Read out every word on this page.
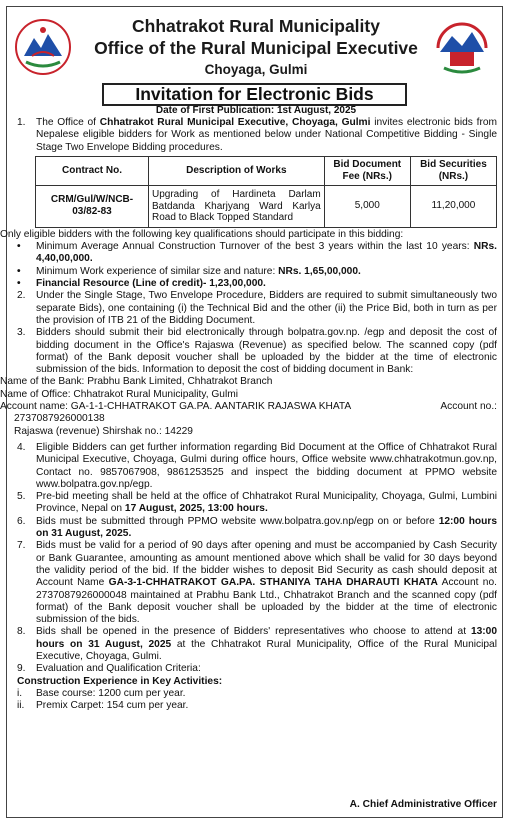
Chhatrakot Rural Municipality
Office of the Rural Municipal Executive
Choyaga, Gulmi
Invitation for Electronic Bids
Date of First Publication: 1st August, 2025
1.	The Office of Chhatrakot Rural Municipal Executive, Choyaga, Gulmi invites electronic bids from Nepalese eligible bidders for Work as mentioned below under National Competitive Bidding - Single Stage Two Envelope Bidding procedures.
Contract No.	Description of Works	Bid Document Fee (NRs.)	Bid Securities (NRs.)
CRM/Gul/W/NCB-03/82-83	Upgrading of Hardineta Darlam Batdanda Kharjyang Ward Karlya Road to Black Topped Standard	5,000	11,20,000
Only eligible bidders with the following key qualifications should participate in this bidding:
•	Minimum Average Annual Construction Turnover of the best 3 years within the last 10 years: NRs. 4,40,00,000.
•	Minimum Work experience of similar size and nature: NRs. 1,65,00,000.
•	Financial Resource (Line of credit)- 1,23,00,000.
2.	Under the Single Stage, Two Envelope Procedure, Bidders are required to submit simultaneously two separate Bids), one containing (i) the Technical Bid and the other (ii) the Price Bid, both in turn as per the provision of ITB 21 of the Bidding Document.
3.	Bidders should submit their bid electronically through bolpatra.gov.np. /egp and deposit the cost of bidding document in the Office's Rajaswa (Revenue) as specified below. The scanned copy (pdf format) of the Bank deposit voucher shall be uploaded by the bidder at the time of electronic submission of the bids. Information to deposit the cost of bidding document in Bank:
Name of the Bank: Prabhu Bank Limited, Chhatrakot Branch
Name of Office: Chhatrakot Rural Municipality, Gulmi
Account name: GA-1-1-CHHATRAKOT GA.PA. AANTARIK RAJASWA KHATA	Account no.:
2737087926000138
Rajaswa (revenue) Shirshak no.: 14229
4.	Eligible Bidders can get further information regarding Bid Document at the Office of Chhatrakot Rural Municipal Executive, Choyaga, Gulmi during office hours, Office website www.chhatrakotmun.gov.np, Contact no. 9857067908, 9861253525 and inspect the bidding document at PPMO website www.bolpatra.gov.np/egp.
5.	Pre-bid meeting shall be held at the office of Chhatrakot Rural Municipality, Choyaga, Gulmi, Lumbini Province, Nepal on 17 August, 2025, 13:00 hours.
6.	Bids must be submitted through PPMO website www.bolpatra.gov.np/egp on or before 12:00 hours on 31 August, 2025.
7.	Bids must be valid for a period of 90 days after opening and must be accompanied by Cash Security or Bank Guarantee, amounting as amount mentioned above which shall be valid for 30 days beyond the validity period of the bid. If the bidder wishes to deposit Bid Security as cash should deposit at Account Name GA-3-1-CHHATRAKOT GA.PA. STHANIYA TAHA DHARAUTI KHATA Account no. 2737087926000048 maintained at Prabhu Bank Ltd., Chhatrakot Branch and the scanned copy (pdf format) of the Bank deposit voucher shall be uploaded by the bidder at the time of electronic submission of the bids.
8.	Bids shall be opened in the presence of Bidders' representatives who choose to attend at 13:00 hours on 31 August, 2025 at the Chhatrakot Rural Municipality, Office of the Rural Municipal Executive, Choyaga, Gulmi.
9.	Evaluation and Qualification Criteria:
Construction Experience in Key Activities:
i.	Base course: 1200 cum per year.
ii.	Premix Carpet: 154 cum per year.
A. Chief Administrative Officer
